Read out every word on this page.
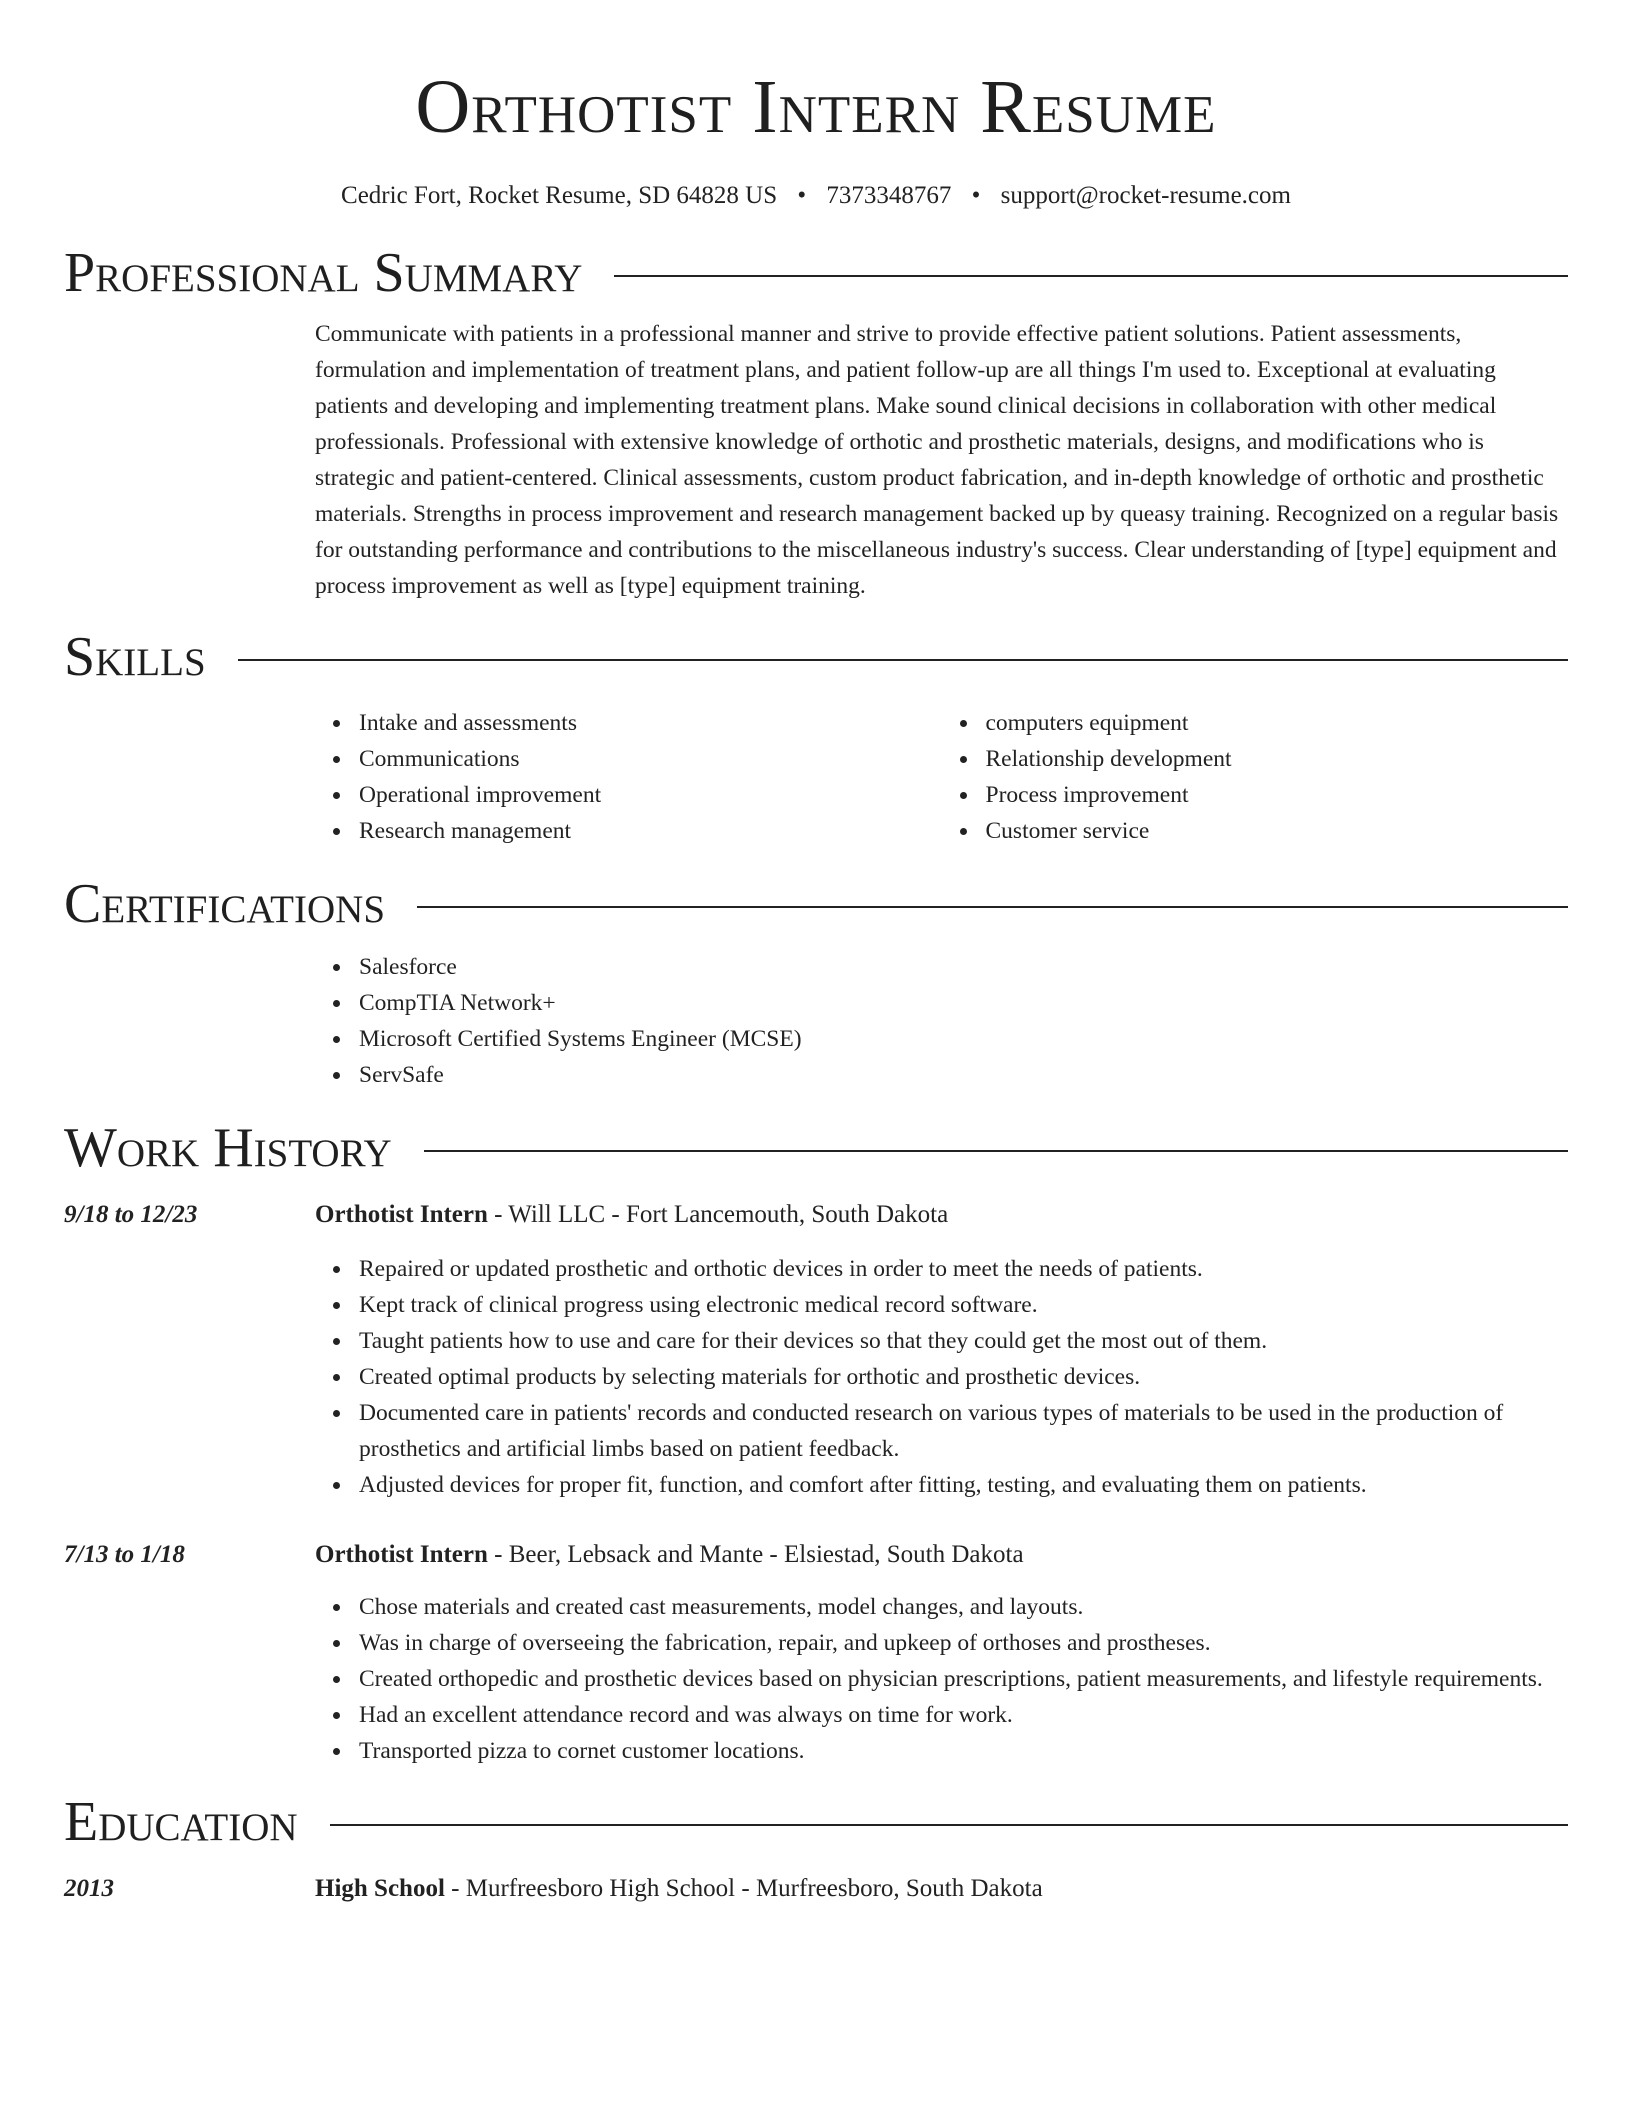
Orthotist Intern Resume
Cedric Fort, Rocket Resume, SD 64828 US • 7373348767 • support@rocket-resume.com
Professional Summary
Communicate with patients in a professional manner and strive to provide effective patient solutions. Patient assessments, formulation and implementation of treatment plans, and patient follow-up are all things I'm used to. Exceptional at evaluating patients and developing and implementing treatment plans. Make sound clinical decisions in collaboration with other medical professionals. Professional with extensive knowledge of orthotic and prosthetic materials, designs, and modifications who is strategic and patient-centered. Clinical assessments, custom product fabrication, and in-depth knowledge of orthotic and prosthetic materials. Strengths in process improvement and research management backed up by queasy training. Recognized on a regular basis for outstanding performance and contributions to the miscellaneous industry's success. Clear understanding of [type] equipment and process improvement as well as [type] equipment training.
Skills
Intake and assessments
Communications
Operational improvement
Research management
computers equipment
Relationship development
Process improvement
Customer service
Certifications
Salesforce
CompTIA Network+
Microsoft Certified Systems Engineer (MCSE)
ServSafe
Work History
9/18 to 12/23	Orthotist Intern - Will LLC - Fort Lancemouth, South Dakota
Repaired or updated prosthetic and orthotic devices in order to meet the needs of patients.
Kept track of clinical progress using electronic medical record software.
Taught patients how to use and care for their devices so that they could get the most out of them.
Created optimal products by selecting materials for orthotic and prosthetic devices.
Documented care in patients' records and conducted research on various types of materials to be used in the production of prosthetics and artificial limbs based on patient feedback.
Adjusted devices for proper fit, function, and comfort after fitting, testing, and evaluating them on patients.
7/13 to 1/18	Orthotist Intern - Beer, Lebsack and Mante - Elsiestad, South Dakota
Chose materials and created cast measurements, model changes, and layouts.
Was in charge of overseeing the fabrication, repair, and upkeep of orthoses and prostheses.
Created orthopedic and prosthetic devices based on physician prescriptions, patient measurements, and lifestyle requirements.
Had an excellent attendance record and was always on time for work.
Transported pizza to cornet customer locations.
Education
2013	High School - Murfreesboro High School - Murfreesboro, South Dakota
